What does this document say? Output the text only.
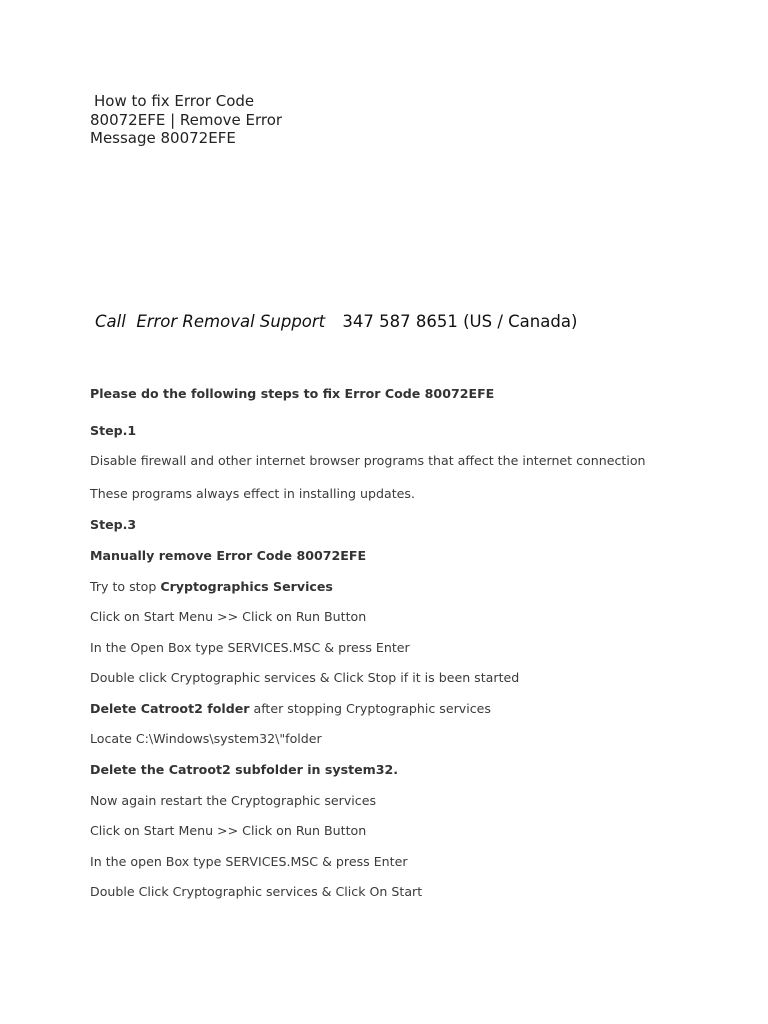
How to fix Error Code
80072EFE | Remove Error
Message 80072EFE
Call Error Removal Support 347 587 8651 (US / Canada)
Please do the following steps to fix Error Code 80072EFE
Step.1
Disable firewall and other internet browser programs that affect the internet connection
These programs always effect in installing updates.
Step.3
Manually remove Error Code 80072EFE
Try to stop Cryptographics Services
Click on Start Menu >> Click on Run Button
In the Open Box type SERVICES.MSC & press Enter
Double click Cryptographic services & Click Stop if it is been started
Delete Catroot2 folder after stopping Cryptographic services
Locate C:\Windows\system32\"folder
Delete the Catroot2 subfolder in system32.
Now again restart the Cryptographic services
Click on Start Menu >> Click on Run Button
In the open Box type SERVICES.MSC & press Enter
Double Click Cryptographic services & Click On Start
